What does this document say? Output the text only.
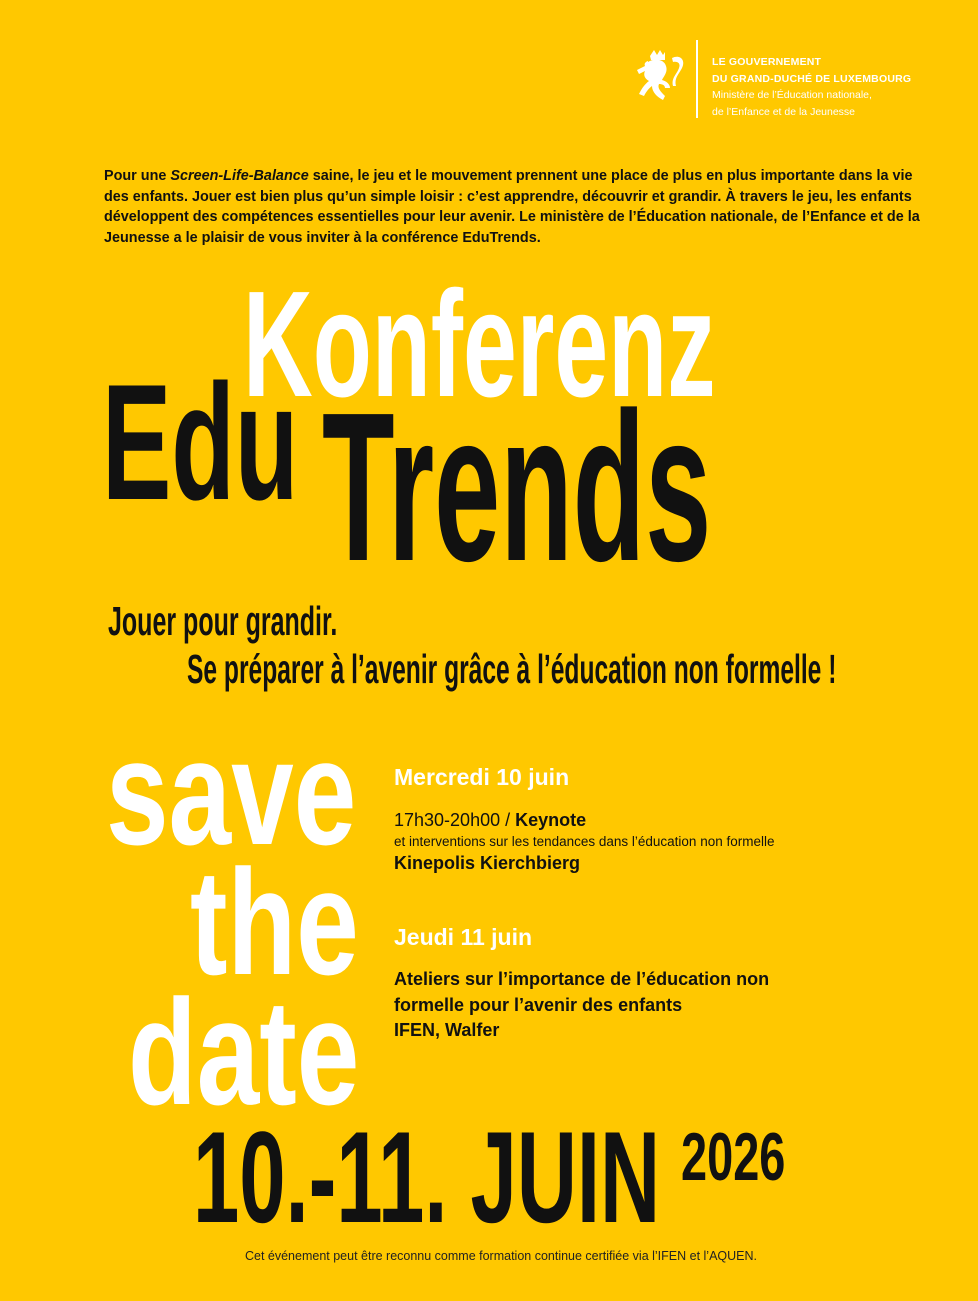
LE GOUVERNEMENT
DU GRAND-DUCHÉ DE LUXEMBOURG
Ministère de l’Éducation nationale,
de l’Enfance et de la Jeunesse

Pour une Screen-Life-Balance saine, le jeu et le mouvement prennent une place de plus en plus importante dans la vie des enfants. Jouer est bien plus qu’un simple loisir : c’est apprendre, découvrir et grandir. À travers le jeu, les enfants développent des compétences essentielles pour leur avenir. Le ministère de l’Éducation nationale, de l’Enfance et de la Jeunesse a le plaisir de vous inviter à la conférence EduTrends.

Konferenz
Edu Trends
Jouer pour grandir.
Se préparer à l’avenir grâce à l’éducation non formelle !
save
the
date
Mercredi 10 juin
17h30-20h00 / Keynote
et interventions sur les tendances dans l’éducation non formelle
Kinepolis Kierchbierg
Jeudi 11 juin
Ateliers sur l’importance de l’éducation non
formelle pour l’avenir des enfants
IFEN, Walfer
10.-11. JUIN 2026
Cet événement peut être reconnu comme formation continue certifiée via l’IFEN et l’AQUEN.
